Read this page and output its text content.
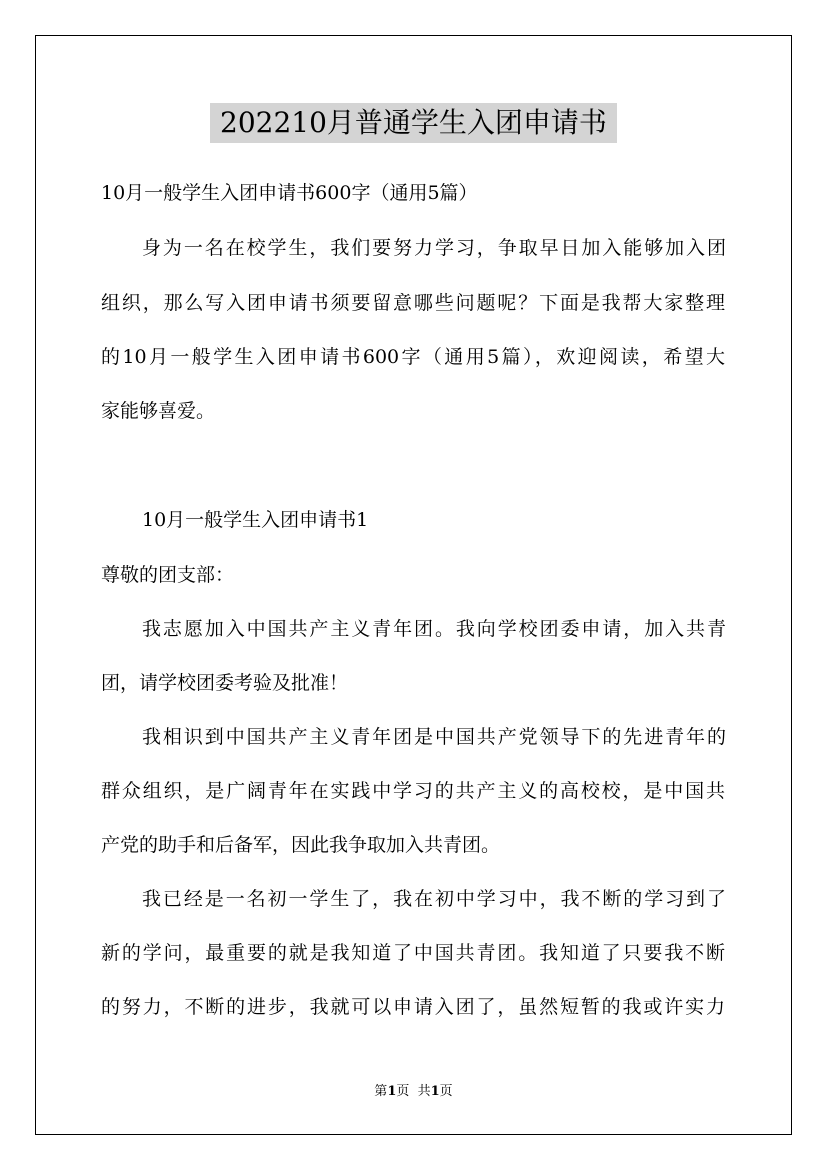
202210月普通学生入团申请书
10月一般学生入团申请书600字（通用5篇）
身为一名在校学生，我们要努力学习，争取早日加入能够加入团
组织，那么写入团申请书须要留意哪些问题呢？下面是我帮大家整理
的10月一般学生入团申请书600字（通用5篇），欢迎阅读，希望大
家能够喜爱。
10月一般学生入团申请书1
尊敬的团支部：
我志愿加入中国共产主义青年团。我向学校团委申请，加入共青
团，请学校团委考验及批准！
我相识到中国共产主义青年团是中国共产党领导下的先进青年的
群众组织，是广阔青年在实践中学习的共产主义的高校校，是中国共
产党的助手和后备军，因此我争取加入共青团。
我已经是一名初一学生了，我在初中学习中，我不断的学习到了
新的学问，最重要的就是我知道了中国共青团。我知道了只要我不断
的努力，不断的进步，我就可以申请入团了，虽然短暂的我或许实力
第1页  共1页
